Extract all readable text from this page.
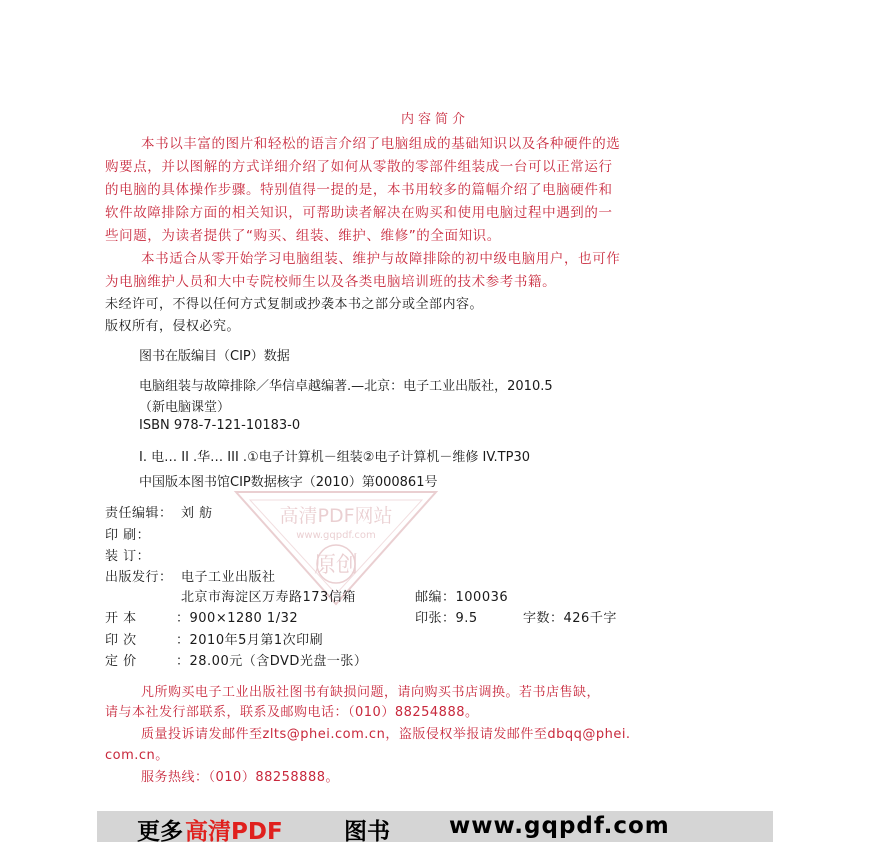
内容简介
本书以丰富的图片和轻松的语言介绍了电脑组成的基础知识以及各种硬件的选
购要点，并以图解的方式详细介绍了如何从零散的零部件组装成一台可以正常运行
的电脑的具体操作步骤。特别值得一提的是，本书用较多的篇幅介绍了电脑硬件和
软件故障排除方面的相关知识，可帮助读者解决在购买和使用电脑过程中遇到的一
些问题，为读者提供了“购买、组装、维护、维修”的全面知识。
本书适合从零开始学习电脑组装、维护与故障排除的初中级电脑用户，也可作
为电脑维护人员和大中专院校师生以及各类电脑培训班的技术参考书籍。
未经许可，不得以任何方式复制或抄袭本书之部分或全部内容。
版权所有，侵权必究。
图书在版编目（CIP）数据
电脑组装与故障排除／华信卓越编著.—北京：电子工业出版社，2010.5
（新电脑课堂）
ISBN 978-7-121-10183-0
I. 电… II .华… III .①电子计算机－组装②电子计算机－维修 IV.TP30
中国版本图书馆CIP数据核字（2010）第000861号
高清PDF网站
www.gqpdf.com
原创
责任编辑： 刘 舫
印 刷：
装 订：
出版发行： 电子工业出版社
北京市海淀区万寿路173信箱	邮编：100036
开 本	：900×1280 1/32	印张：9.5	字数：426千字
印 次	：2010年5月第1次印刷
定 价	：28.00元（含DVD光盘一张）
凡所购买电子工业出版社图书有缺损问题，请向购买书店调换。若书店售缺，
请与本社发行部联系，联系及邮购电话：（010）88254888。
质量投诉请发邮件至zlts@phei.com.cn，盗版侵权举报请发邮件至dbqq@phei.
com.cn。
服务热线：（010）88258888。
更多 高清PDF	图书	www.gqpdf.com
